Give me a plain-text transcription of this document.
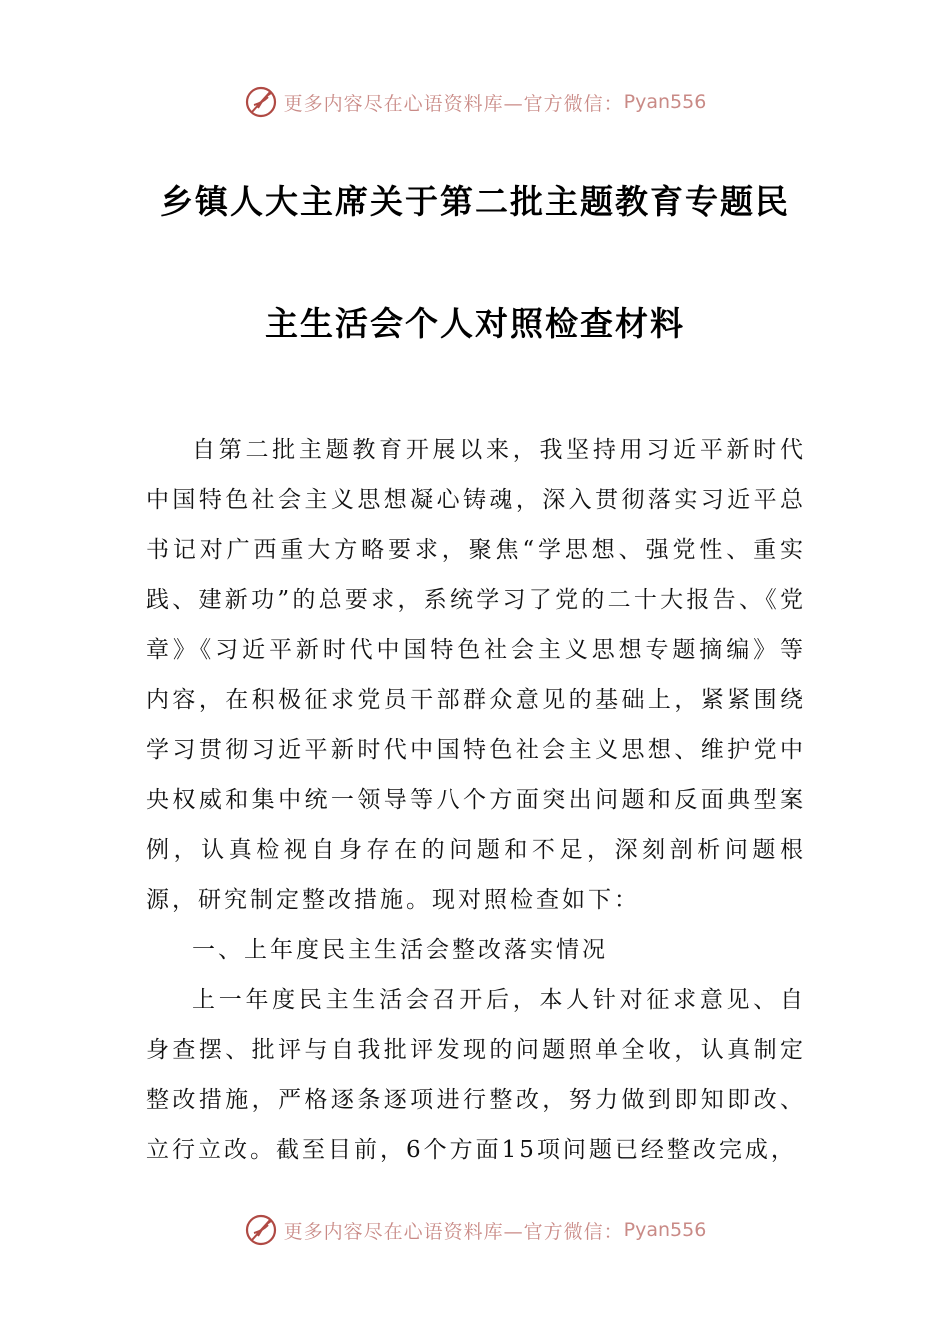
更多内容尽在心语资料库—官方微信： Pyan556
乡镇人大主席关于第二批主题教育专题民
主生活会个人对照检查材料

自第二批主题教育开展以来，我坚持用习近平新时代中国特色社会主义思想凝心铸魂，深入贯彻落实习近平总书记对广西重大方略要求，聚焦“学思想、强党性、重实践、建新功”的总要求，系统学习了党的二十大报告、《党章》《习近平新时代中国特色社会主义思想专题摘编》等内容，在积极征求党员干部群众意见的基础上，紧紧围绕学习贯彻习近平新时代中国特色社会主义思想、维护党中央权威和集中统一领导等八个方面突出问题和反面典型案例，认真检视自身存在的问题和不足，深刻剖析问题根源，研究制定整改措施。现对照检查如下：

一、上年度民主生活会整改落实情况

上一年度民主生活会召开后，本人针对征求意见、自身查摆、批评与自我批评发现的问题照单全收，认真制定整改措施，严格逐条逐项进行整改，努力做到即知即改、立行立改。截至目前，6个方面15项问题已经整改完成，

更多内容尽在心语资料库—官方微信： Pyan556
